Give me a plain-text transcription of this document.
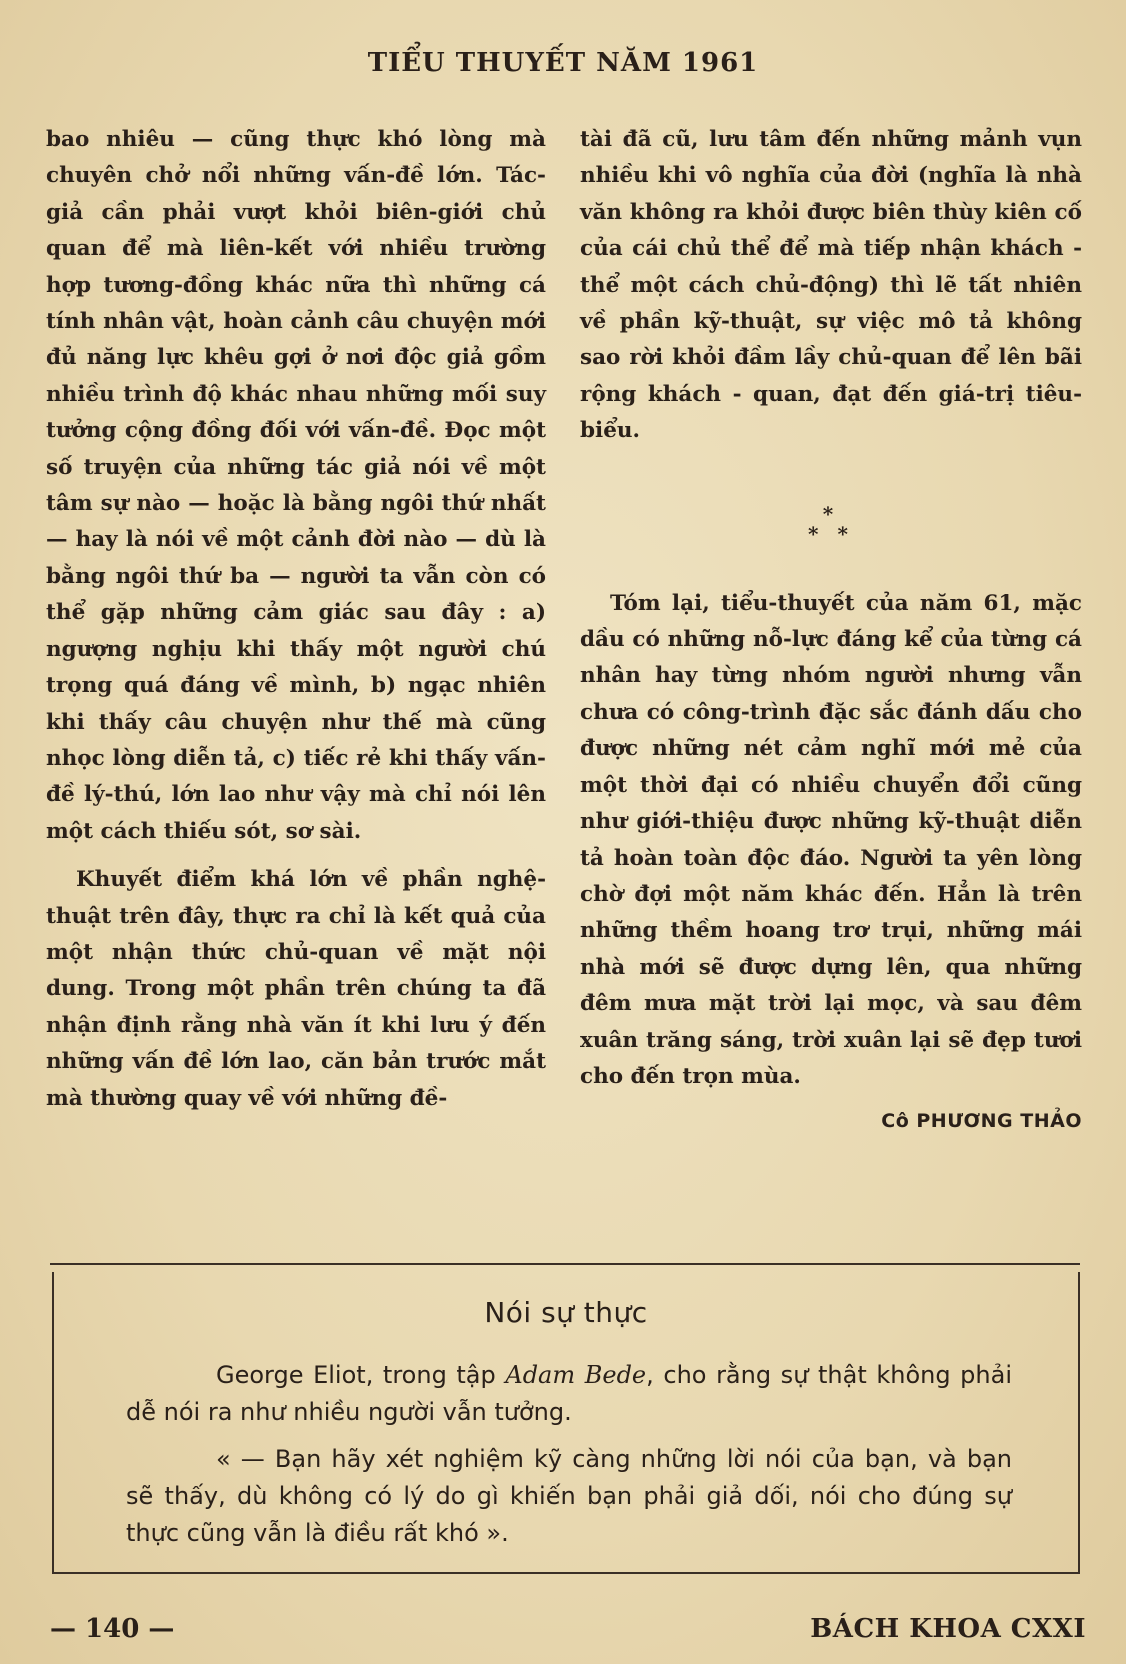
TIỂU THUYẾT NĂM 1961

bao nhiêu — cũng thực khó lòng mà chuyên chở nổi những vấn-đề lớn. Tác-giả cần phải vượt khỏi biên-giới chủ quan để mà liên-kết với nhiều trường hợp tương-đồng khác nữa thì những cá tính nhân vật, hoàn cảnh câu chuyện mới đủ năng lực khêu gợi ở nơi độc giả gồm nhiều trình độ khác nhau những mối suy tưởng cộng đồng đối với vấn-đề. Đọc một số truyện của những tác giả nói về một tâm sự nào — hoặc là bằng ngôi thứ nhất — hay là nói về một cảnh đời nào — dù là bằng ngôi thứ ba — người ta vẫn còn có thể gặp những cảm giác sau đây : a) ngượng nghịu khi thấy một người chú trọng quá đáng về mình, b) ngạc nhiên khi thấy câu chuyện như thế mà cũng nhọc lòng diễn tả, c) tiếc rẻ khi thấy vấn-đề lý-thú, lớn lao như vậy mà chỉ nói lên một cách thiếu sót, sơ sài.

Khuyết điểm khá lớn về phần nghệ-thuật trên đây, thực ra chỉ là kết quả của một nhận thức chủ-quan về mặt nội dung. Trong một phần trên chúng ta đã nhận định rằng nhà văn ít khi lưu ý đến những vấn đề lớn lao, căn bản trước mắt mà thường quay về với những đề-

tài đã cũ, lưu tâm đến những mảnh vụn nhiều khi vô nghĩa của đời (nghĩa là nhà văn không ra khỏi được biên thùy kiên cố của cái chủ thể để mà tiếp nhận khách - thể một cách chủ-động) thì lẽ tất nhiên về phần kỹ-thuật, sự việc mô tả không sao rời khỏi đầm lầy chủ-quan để lên bãi rộng khách - quan, đạt đến giá-trị tiêu-biểu.

*
* *

Tóm lại, tiểu-thuyết của năm 61, mặc dầu có những nỗ-lực đáng kể của từng cá nhân hay từng nhóm người nhưng vẫn chưa có công-trình đặc sắc đánh dấu cho được những nét cảm nghĩ mới mẻ của một thời đại có nhiều chuyển đổi cũng như giới-thiệu được những kỹ-thuật diễn tả hoàn toàn độc đáo. Người ta yên lòng chờ đợi một năm khác đến. Hẳn là trên những thềm hoang trơ trụi, những mái nhà mới sẽ được dựng lên, qua những đêm mưa mặt trời lại mọc, và sau đêm xuân trăng sáng, trời xuân lại sẽ đẹp tươi cho đến trọn mùa.

Cô PHƯƠNG THẢO
Nói sự thực

George Eliot, trong tập Adam Bede, cho rằng sự thật không phải dễ nói ra như nhiều người vẫn tưởng.

« — Bạn hãy xét nghiệm kỹ càng những lời nói của bạn, và bạn sẽ thấy, dù không có lý do gì khiến bạn phải giả dối, nói cho đúng sự thực cũng vẫn là điều rất khó ».

— 140 —	BÁCH KHOA CXXI
